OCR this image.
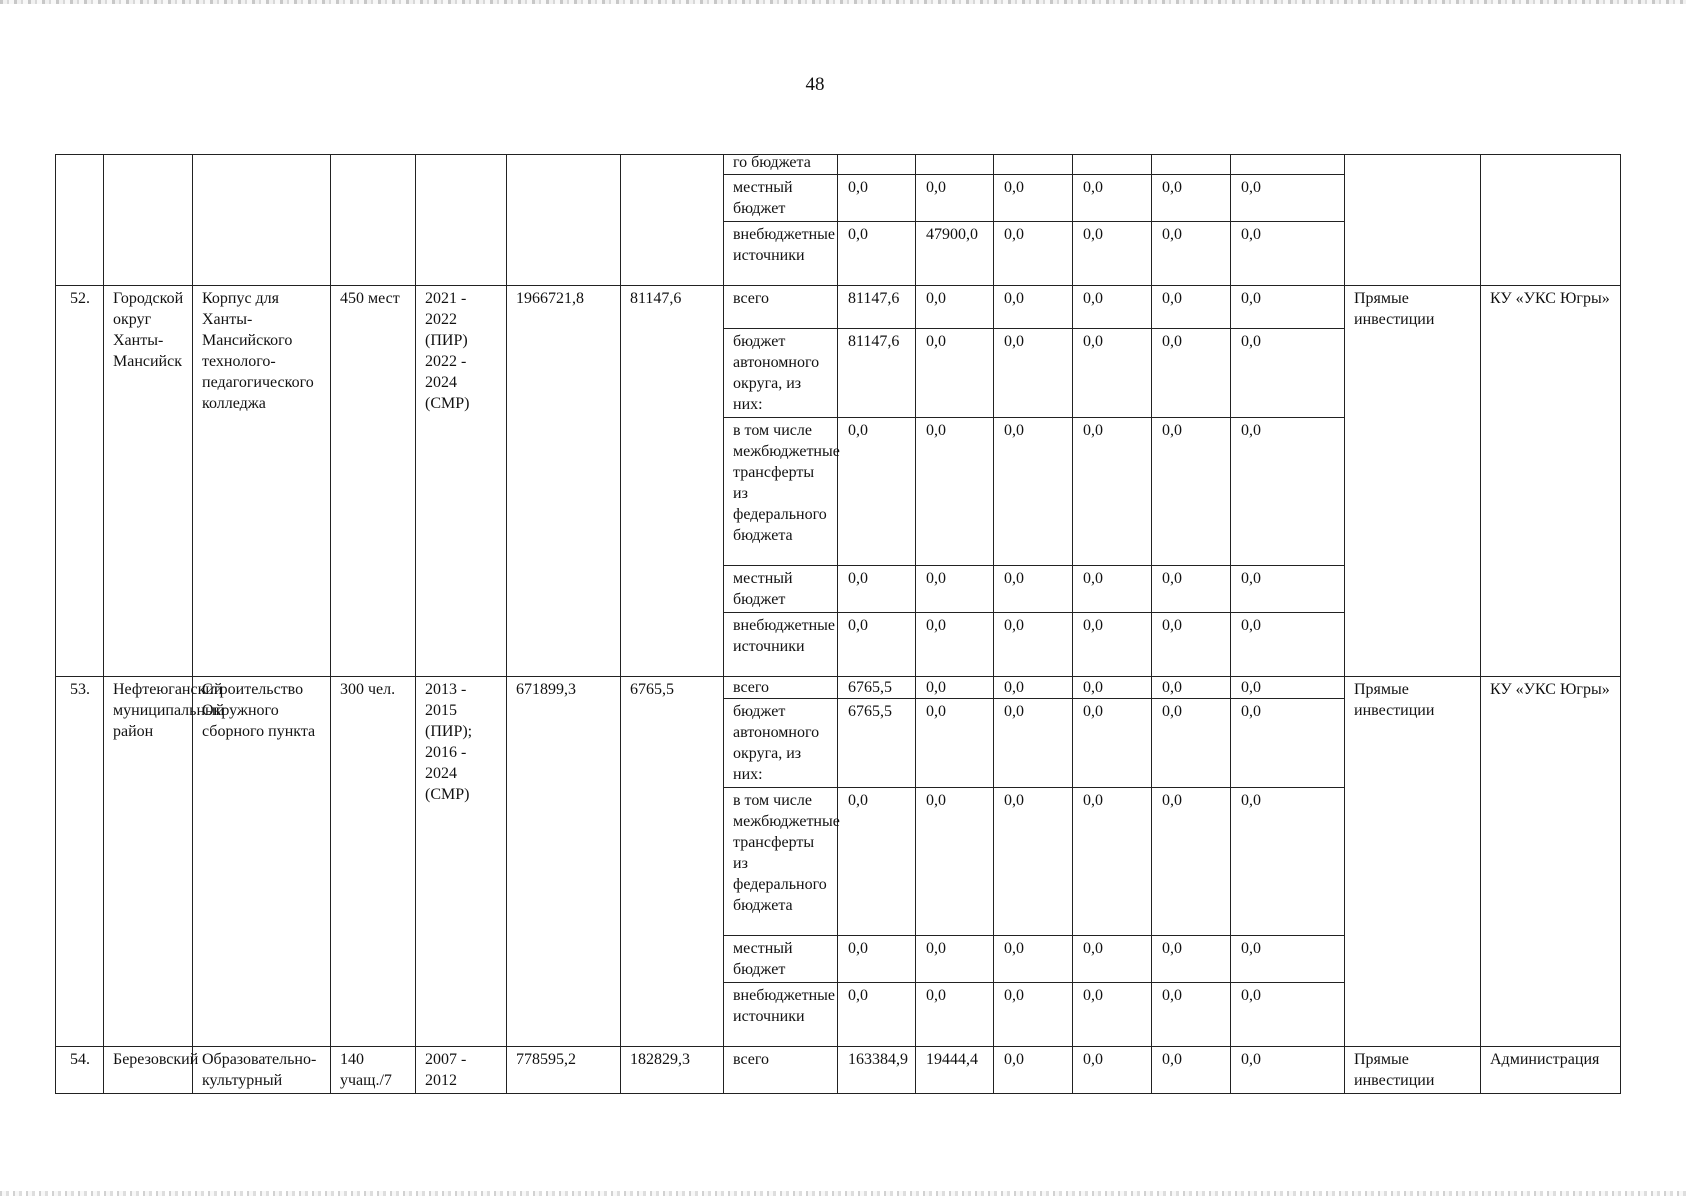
48
							го бюджета								
							местный бюджет	0,0	0,0	0,0	0,0	0,0	0,0		
							внебюджетные источники	0,0	47900,0	0,0	0,0	0,0	0,0		
52.	Городской округ Ханты-Мансийск	Корпус для Ханты-Мансийского технолого-педагогического колледжа	450 мест	2021 - 2022 (ПИР) 2022 - 2024 (СМР)	1966721,8	81147,6	всего	81147,6	0,0	0,0	0,0	0,0	0,0	Прямые инвестиции	КУ «УКС Югры»
							бюджет автономного округа, из них:	81147,6	0,0	0,0	0,0	0,0	0,0		
							в том числе межбюджетные трансферты из федерального бюджета	0,0	0,0	0,0	0,0	0,0	0,0		
							местный бюджет	0,0	0,0	0,0	0,0	0,0	0,0		
							внебюджетные источники	0,0	0,0	0,0	0,0	0,0	0,0		
53.	Нефтеюганский муниципальный район	Строительство Окружного сборного пункта	300 чел.	2013 - 2015 (ПИР); 2016 - 2024 (СМР)	671899,3	6765,5	всего	6765,5	0,0	0,0	0,0	0,0	0,0	Прямые инвестиции	КУ «УКС Югры»
							бюджет автономного округа, из них:	6765,5	0,0	0,0	0,0	0,0	0,0		
							в том числе межбюджетные трансферты из федерального бюджета	0,0	0,0	0,0	0,0	0,0	0,0		
							местный бюджет	0,0	0,0	0,0	0,0	0,0	0,0		
							внебюджетные источники	0,0	0,0	0,0	0,0	0,0	0,0		
54.	Березовский	Образовательно-культурный	140 учащ./7	2007 - 2012	778595,2	182829,3	всего	163384,9	19444,4	0,0	0,0	0,0	0,0	Прямые инвестиции	Администрация
